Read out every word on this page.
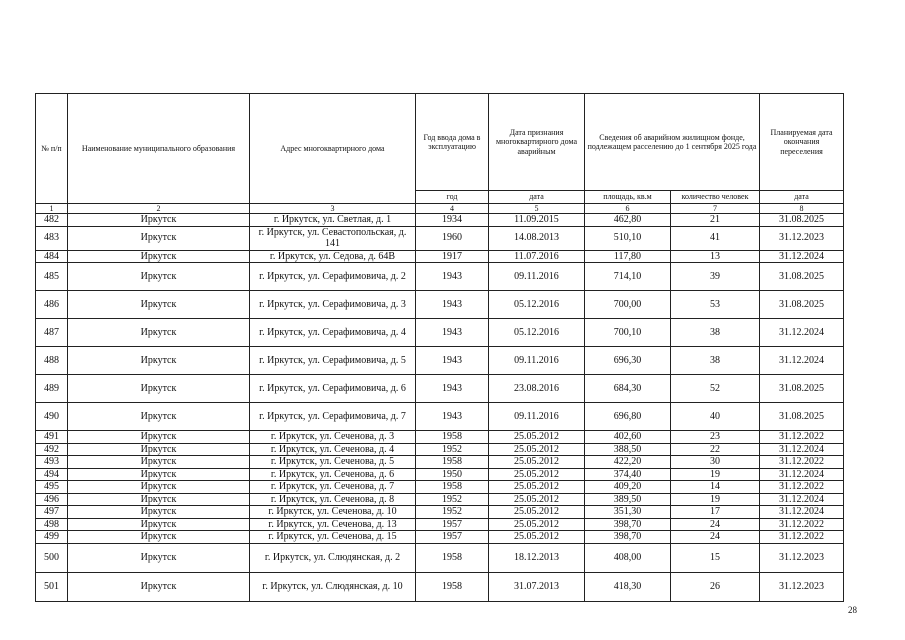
№ п/п	Наименование муниципального образования	Адрес многоквартирного дома	Год ввода дома в эксплуатацию	Дата признания многоквартирного дома аварийным	Сведения об аварийном жилищном фонде, подлежащем расселению до 1 сентября 2025 года		Планируемая дата окончания переселения
			год	дата	площадь, кв.м	количество человек	дата
1	2	3	4	5	6	7	8
482	Иркутск	г. Иркутск, ул. Светлая, д. 1	1934	11.09.2015	462,80	21	31.08.2025
483	Иркутск	г. Иркутск, ул. Севастопольская, д. 141	1960	14.08.2013	510,10	41	31.12.2023
484	Иркутск	г. Иркутск, ул. Седова, д. 64В	1917	11.07.2016	117,80	13	31.12.2024
485	Иркутск	г. Иркутск, ул. Серафимовича, д. 2	1943	09.11.2016	714,10	39	31.08.2025
486	Иркутск	г. Иркутск, ул. Серафимовича, д. 3	1943	05.12.2016	700,00	53	31.08.2025
487	Иркутск	г. Иркутск, ул. Серафимовича, д. 4	1943	05.12.2016	700,10	38	31.12.2024
488	Иркутск	г. Иркутск, ул. Серафимовича, д. 5	1943	09.11.2016	696,30	38	31.12.2024
489	Иркутск	г. Иркутск, ул. Серафимовича, д. 6	1943	23.08.2016	684,30	52	31.08.2025
490	Иркутск	г. Иркутск, ул. Серафимовича, д. 7	1943	09.11.2016	696,80	40	31.08.2025
491	Иркутск	г. Иркутск, ул. Сеченова, д. 3	1958	25.05.2012	402,60	23	31.12.2022
492	Иркутск	г. Иркутск, ул. Сеченова, д. 4	1952	25.05.2012	388,50	22	31.12.2024
493	Иркутск	г. Иркутск, ул. Сеченова, д. 5	1958	25.05.2012	422,20	30	31.12.2022
494	Иркутск	г. Иркутск, ул. Сеченова, д. 6	1950	25.05.2012	374,40	19	31.12.2024
495	Иркутск	г. Иркутск, ул. Сеченова, д. 7	1958	25.05.2012	409,20	14	31.12.2022
496	Иркутск	г. Иркутск, ул. Сеченова, д. 8	1952	25.05.2012	389,50	19	31.12.2024
497	Иркутск	г. Иркутск, ул. Сеченова, д. 10	1952	25.05.2012	351,30	17	31.12.2024
498	Иркутск	г. Иркутск, ул. Сеченова, д. 13	1957	25.05.2012	398,70	24	31.12.2022
499	Иркутск	г. Иркутск, ул. Сеченова, д. 15	1957	25.05.2012	398,70	24	31.12.2022
500	Иркутск	г. Иркутск, ул. Слюдянская, д. 2	1958	18.12.2013	408,00	15	31.12.2023
501	Иркутск	г. Иркутск, ул. Слюдянская, д. 10	1958	31.07.2013	418,30	26	31.12.2023
28
